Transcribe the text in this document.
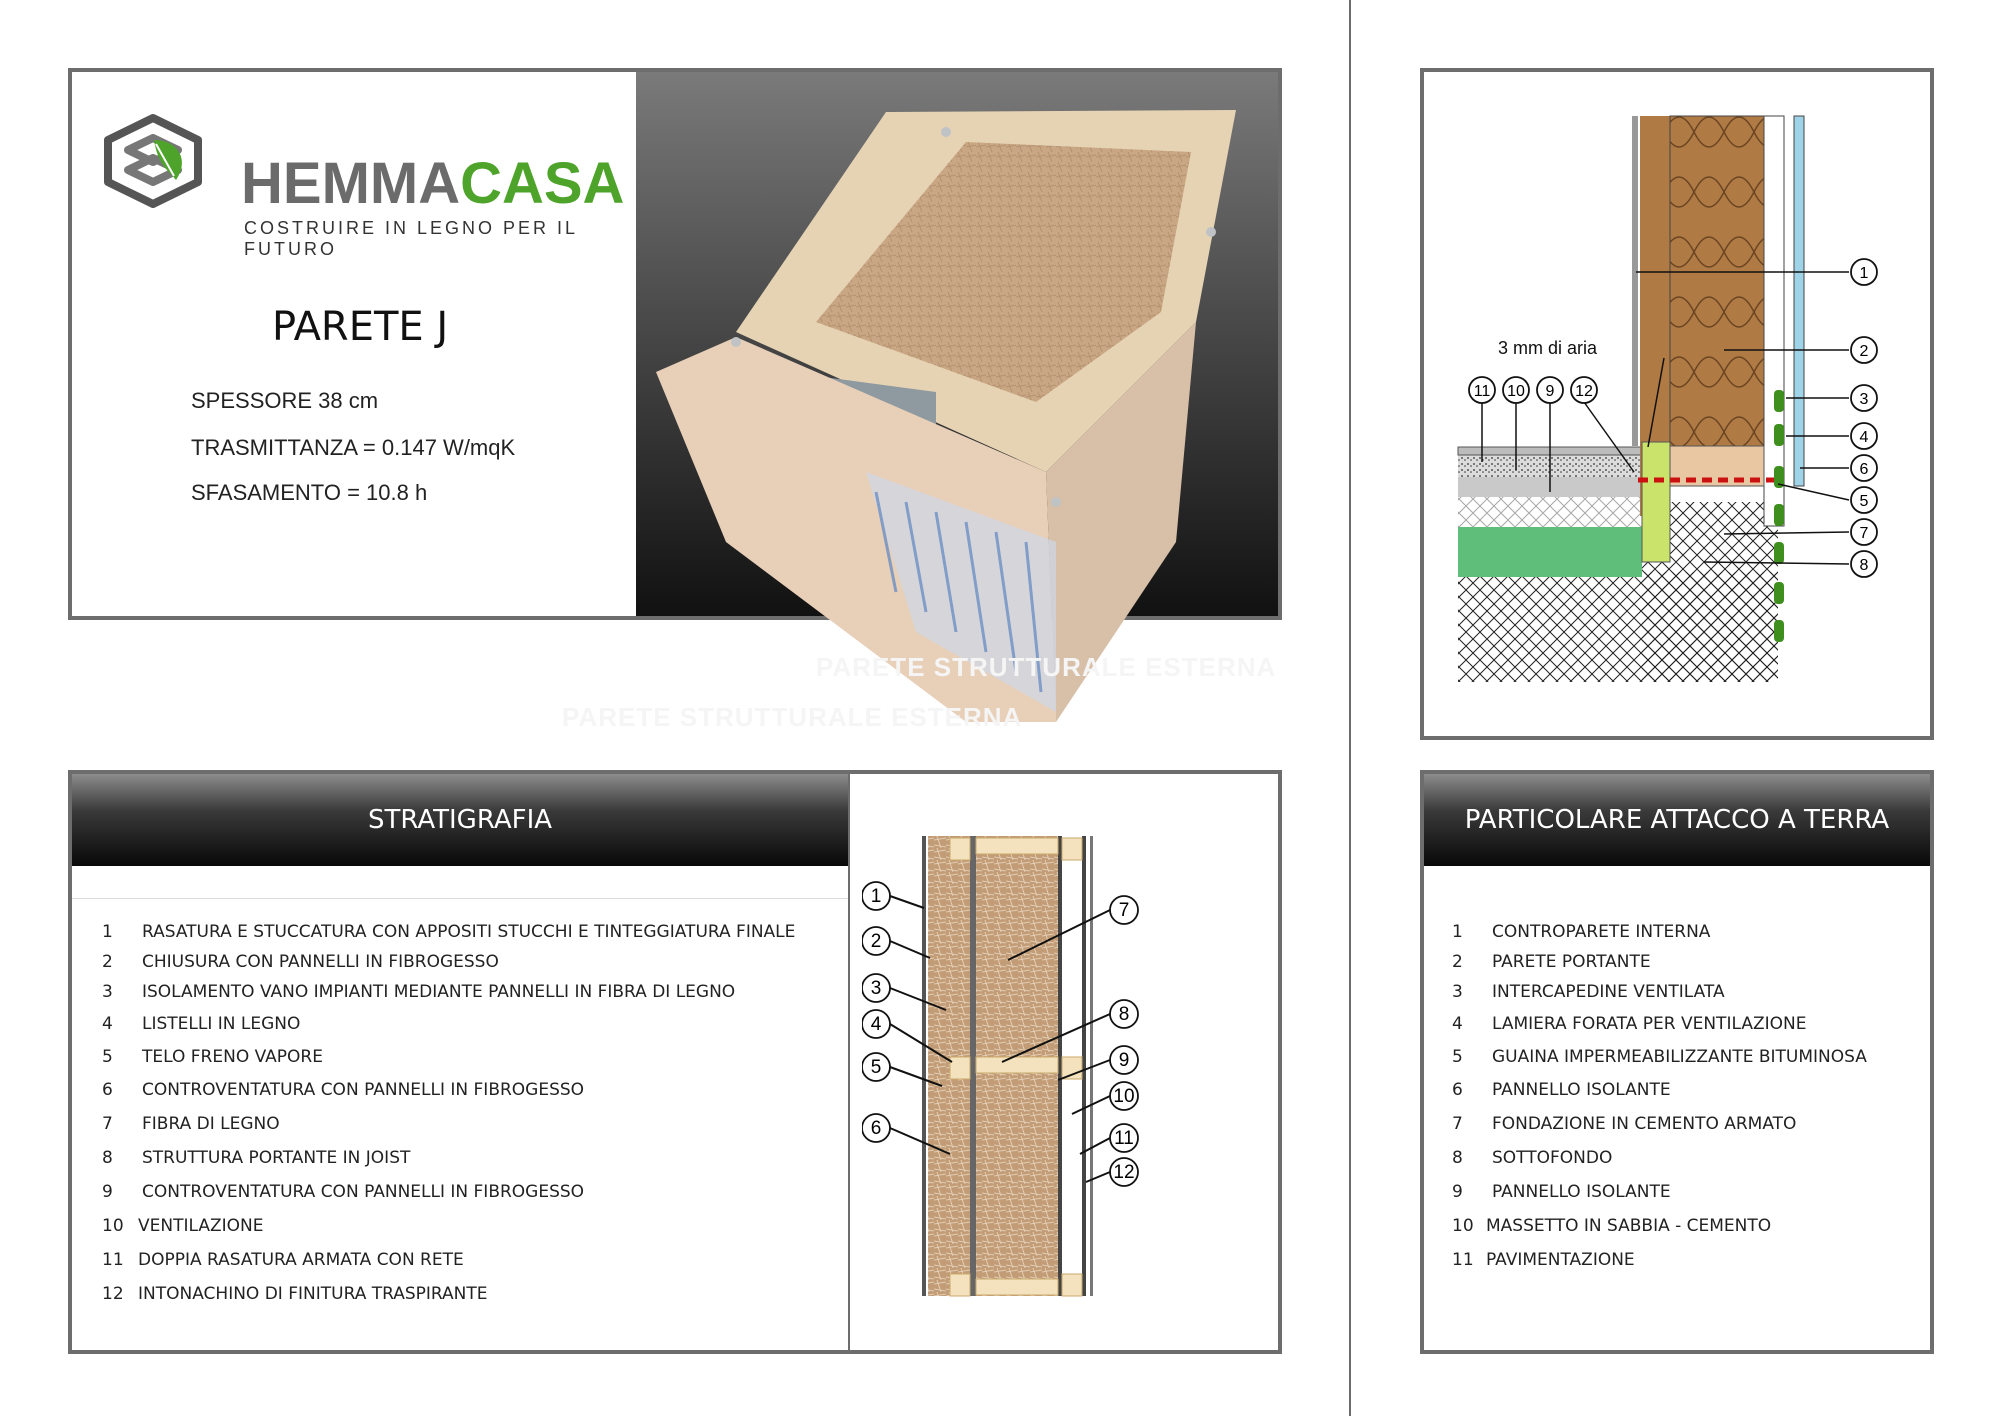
HEMMACASA
COSTRUIRE IN LEGNO PER IL FUTURO
PARETE J
SPESSORE 38 cm
TRASMITTANZA = 0.147 W/mqK
SFASAMENTO = 10.8 h
PARETE STRUTTURALE ESTERNA
PARETE STRUTTURALE ESTERNA
STRATIGRAFIA
1 RASATURA E STUCCATURA CON APPOSITI STUCCHI E TINTEGGIATURA FINALE
2 CHIUSURA CON PANNELLI IN FIBROGESSO
3 ISOLAMENTO VANO IMPIANTI MEDIANTE PANNELLI IN FIBRA DI LEGNO
4 LISTELLI IN LEGNO
5 TELO FRENO VAPORE
6 CONTROVENTATURA CON PANNELLI IN FIBROGESSO
7 FIBRA DI LEGNO
8 STRUTTURA PORTANTE IN JOIST
9 CONTROVENTATURA CON PANNELLI IN FIBROGESSO
10 VENTILAZIONE
11 DOPPIA RASATURA ARMATA CON RETE
12 INTONACHINO DI FINITURA TRASPIRANTE
1
2
3
4
5
6
7
8
9
10
11
12
3 mm di aria
1
2
3
4
6
5
7
8
11 10 9 12
PARTICOLARE ATTACCO A TERRA
1 CONTROPARETE INTERNA
2 PARETE PORTANTE
3 INTERCAPEDINE VENTILATA
4 LAMIERA FORATA PER VENTILAZIONE
5 GUAINA IMPERMEABILIZZANTE BITUMINOSA
6 PANNELLO ISOLANTE
7 FONDAZIONE IN CEMENTO ARMATO
8 SOTTOFONDO
9 PANNELLO ISOLANTE
10 MASSETTO IN SABBIA - CEMENTO
11 PAVIMENTAZIONE
